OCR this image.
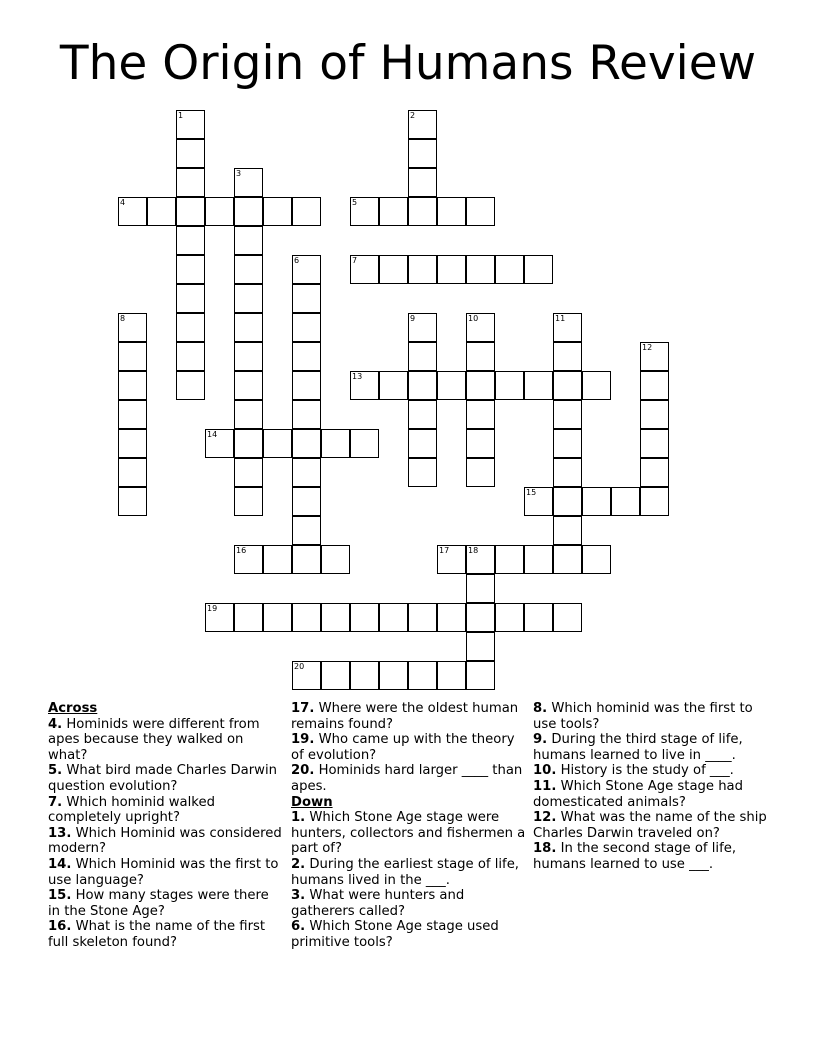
The Origin of Humans Review
1	2
3
4	5
6	7
8	9	10	11
12
13
14
15
16	17 18
19
20
Across
4. Hominids were different from apes because they walked on what?
5. What bird made Charles Darwin question evolution?
7. Which hominid walked completely upright?
13. Which Hominid was considered modern?
14. Which Hominid was the first to use language?
15. How many stages were there in the Stone Age?
16. What is the name of the first full skeleton found?
17. Where were the oldest human remains found?
19. Who came up with the theory of evolution?
20. Hominids hard larger ____ than apes.
Down
1. Which Stone Age stage were hunters, collectors and fishermen a part of?
2. During the earliest stage of life, humans lived in the ___.
3. What were hunters and gatherers called?
6. Which Stone Age stage used primitive tools?
8. Which hominid was the first to use tools?
9. During the third stage of life, humans learned to live in ____.
10. History is the study of ___.
11. Which Stone Age stage had domesticated animals?
12. What was the name of the ship Charles Darwin traveled on?
18. In the second stage of life, humans learned to use ___.
